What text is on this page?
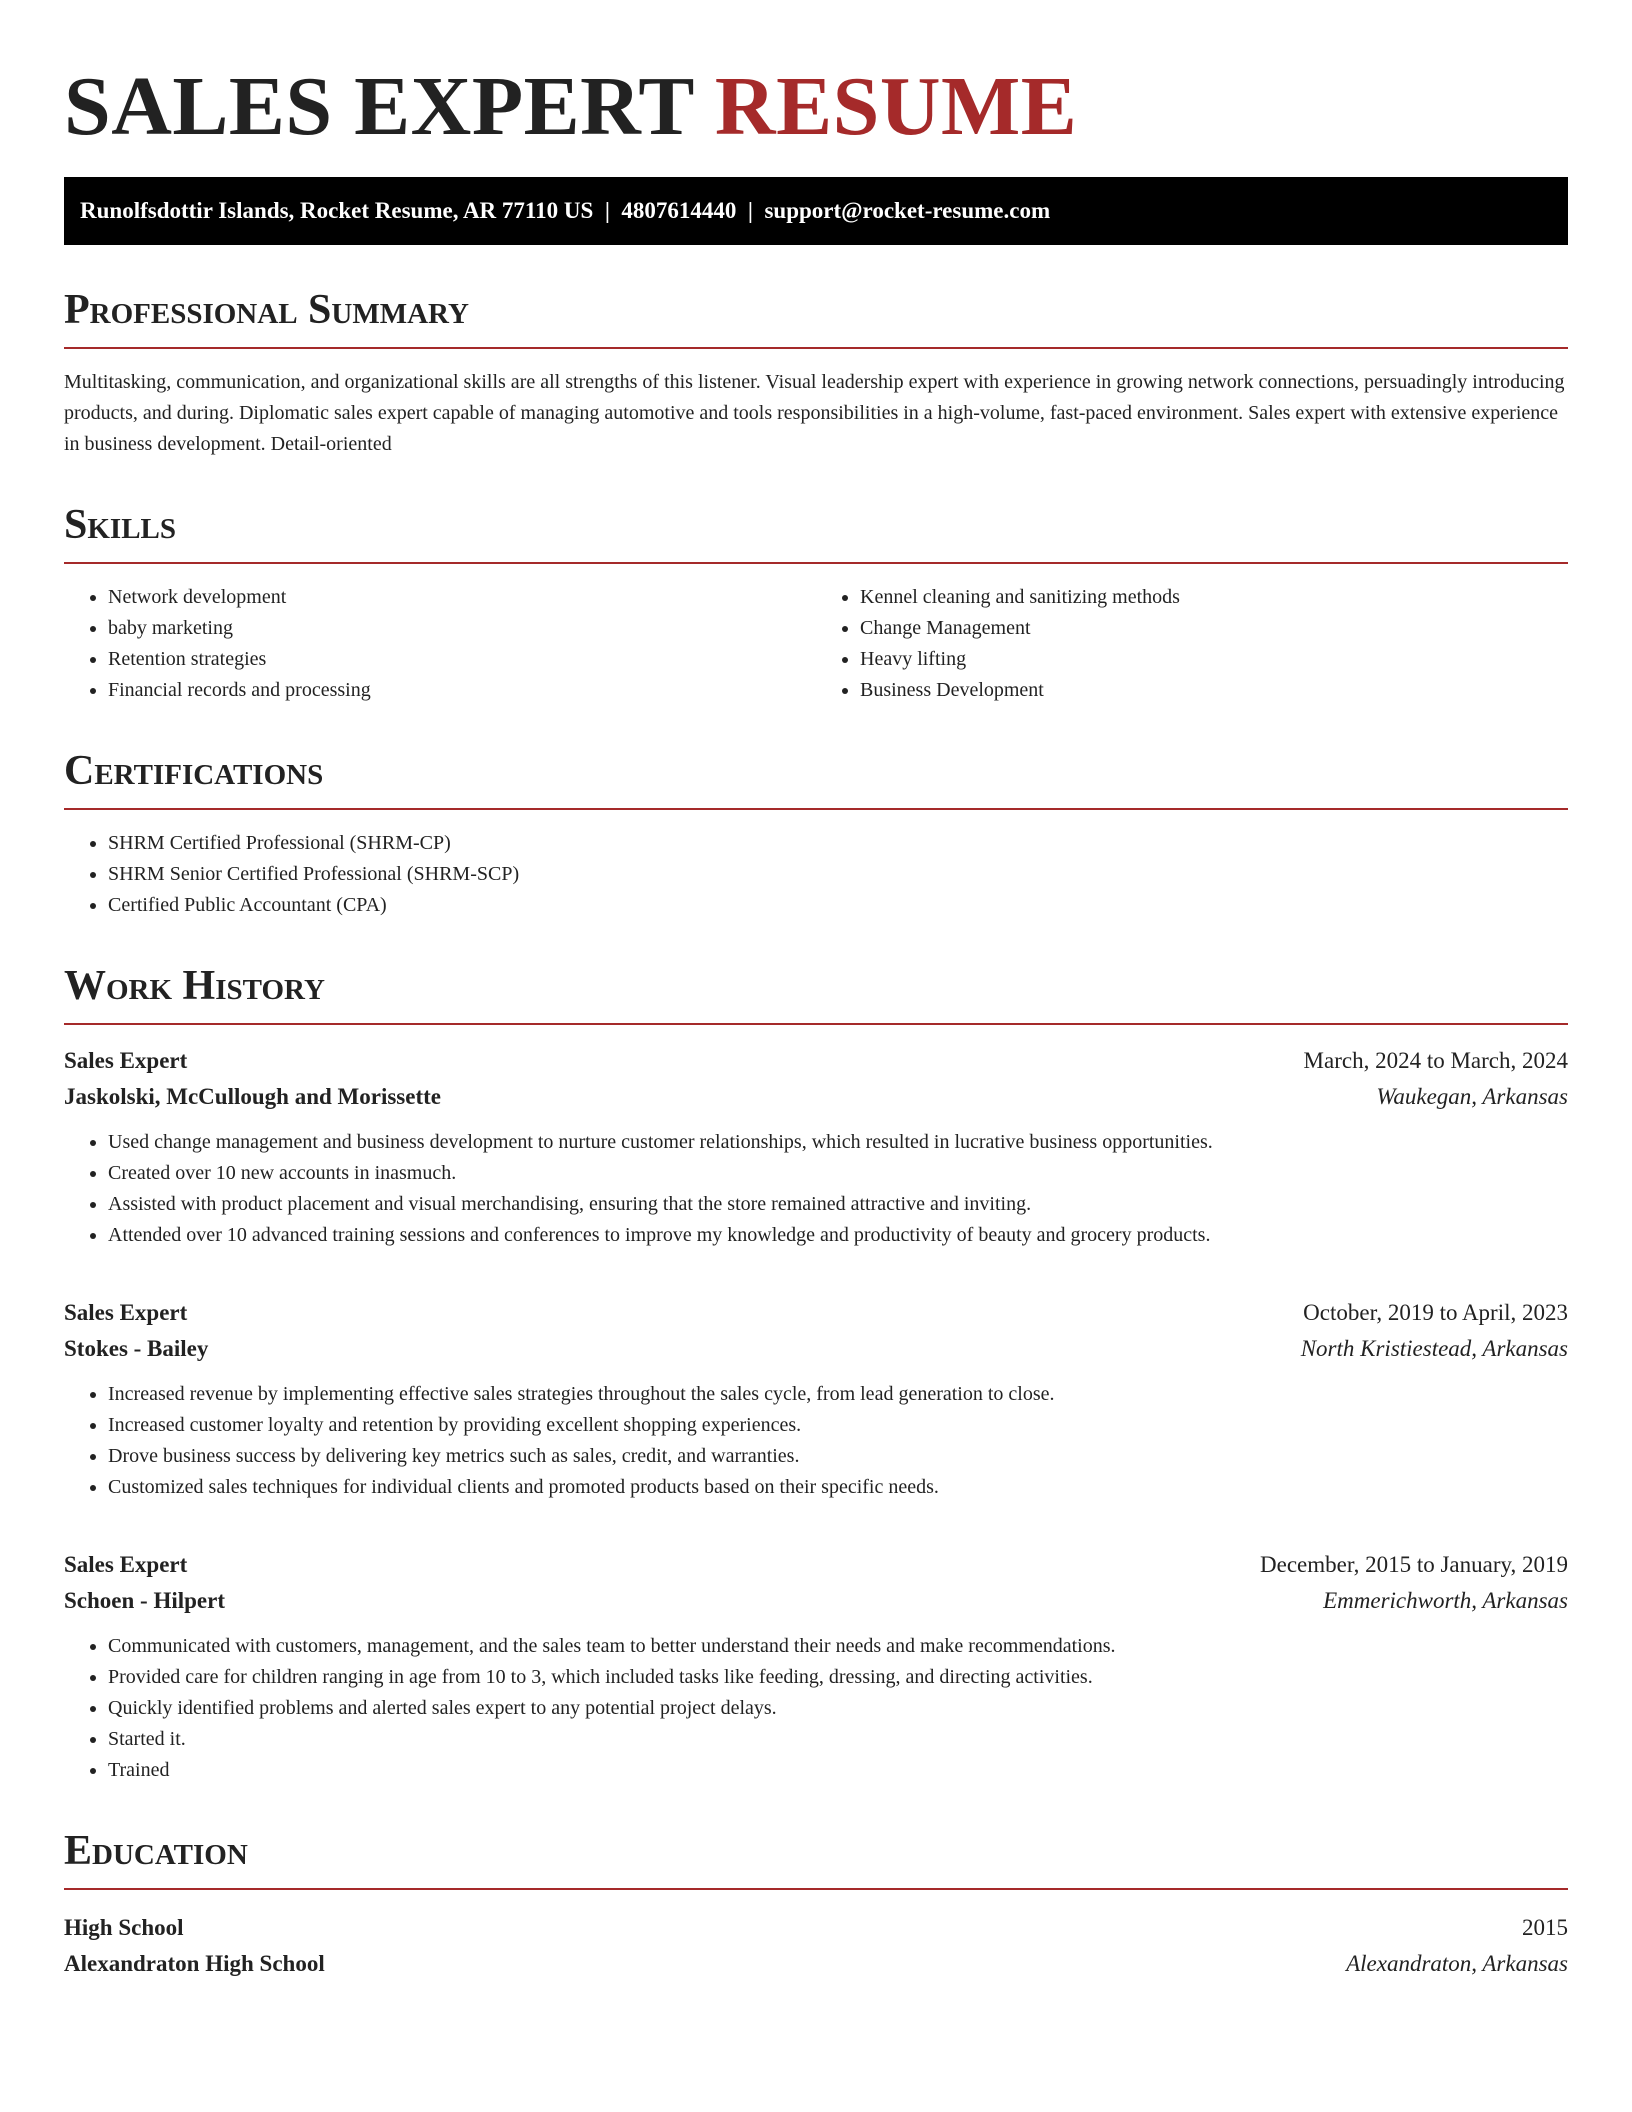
SALES EXPERT RESUME
Runolfsdottir Islands, Rocket Resume, AR 77110 US | 4807614440 | support@rocket-resume.com
Professional Summary

Multitasking, communication, and organizational skills are all strengths of this listener. Visual leadership expert with experience in growing network connections, persuadingly introducing products, and during. Diplomatic sales expert capable of managing automotive and tools responsibilities in a high-volume, fast-paced environment. Sales expert with extensive experience in business development. Detail-oriented

Skills
• Network development
• baby marketing
• Retention strategies
• Financial records and processing
• Kennel cleaning and sanitizing methods
• Change Management
• Heavy lifting
• Business Development
Certifications
• SHRM Certified Professional (SHRM-CP)
• SHRM Senior Certified Professional (SHRM-SCP)
• Certified Public Accountant (CPA)
Work History
Sales Expert	March, 2024 to March, 2024
Jaskolski, McCullough and Morissette	Waukegan, Arkansas
• Used change management and business development to nurture customer relationships, which resulted in lucrative business opportunities.
• Created over 10 new accounts in inasmuch.
• Assisted with product placement and visual merchandising, ensuring that the store remained attractive and inviting.
• Attended over 10 advanced training sessions and conferences to improve my knowledge and productivity of beauty and grocery products.
Sales Expert	October, 2019 to April, 2023
Stokes - Bailey	North Kristiestead, Arkansas
• Increased revenue by implementing effective sales strategies throughout the sales cycle, from lead generation to close.
• Increased customer loyalty and retention by providing excellent shopping experiences.
• Drove business success by delivering key metrics such as sales, credit, and warranties.
• Customized sales techniques for individual clients and promoted products based on their specific needs.
Sales Expert	December, 2015 to January, 2019
Schoen - Hilpert	Emmerichworth, Arkansas
• Communicated with customers, management, and the sales team to better understand their needs and make recommendations.
• Provided care for children ranging in age from 10 to 3, which included tasks like feeding, dressing, and directing activities.
• Quickly identified problems and alerted sales expert to any potential project delays.
• Started it.
• Trained
Education
High School	2015
Alexandraton High School	Alexandraton, Arkansas
